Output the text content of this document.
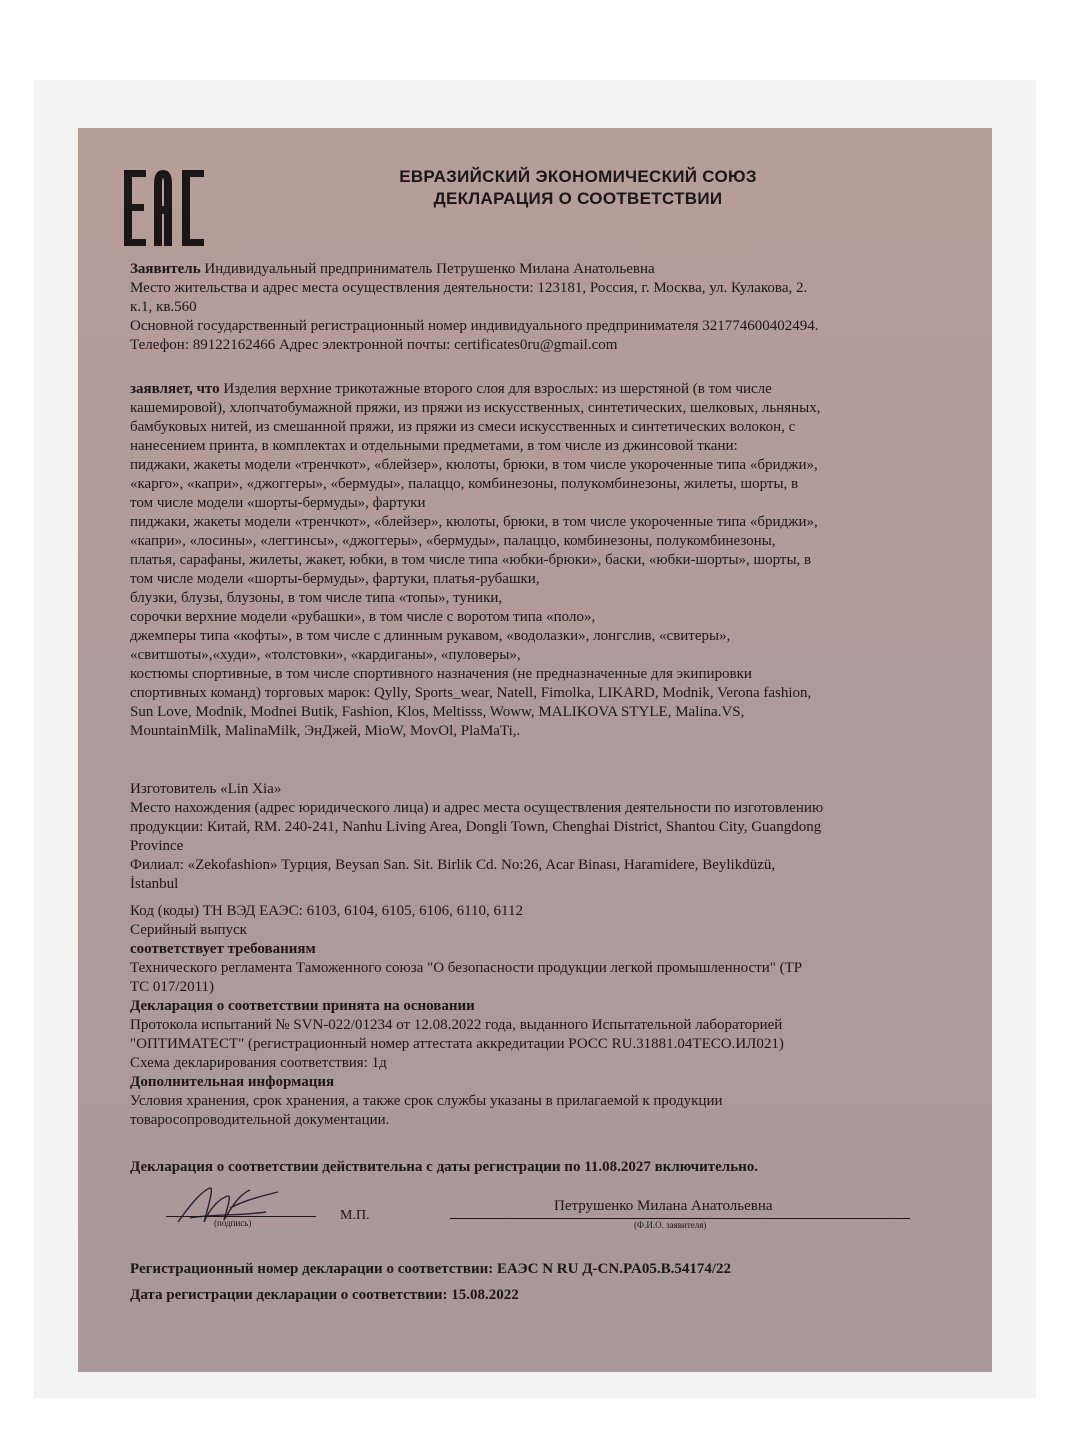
ЕВРАЗИЙСКИЙ ЭКОНОМИЧЕСКИЙ СОЮЗ
ДЕКЛАРАЦИЯ О СООТВЕТСТВИИ
Заявитель Индивидуальный предприниматель Петрушенко Милана Анатольевна
Место жительства и адрес места осуществления деятельности: 123181, Россия, г. Москва, ул. Кулакова, 2.
к.1, кв.560
Основной государственный регистрационный номер индивидуального предпринимателя 321774600402494.
Телефон: 89122162466 Адрес электронной почты: certificates0ru@gmail.com
заявляет, что Изделия верхние трикотажные второго слоя для взрослых: из шерстяной (в том числе
кашемировой), хлопчатобумажной пряжи, из пряжи из искусственных, синтетических, шелковых, льняных,
бамбуковых нитей, из смешанной пряжи, из пряжи из смеси искусственных и синтетических волокон, с
нанесением принта, в комплектах и отдельными предметами, в том числе из джинсовой ткани:
пиджаки, жакеты модели «тренчкот», «блейзер», кюлоты, брюки, в том числе укороченные типа «бриджи»,
«карго», «капри», «джоггеры», «бермуды», палаццо, комбинезоны, полукомбинезоны, жилеты, шорты, в
том числе модели «шорты-бермуды», фартуки
пиджаки, жакеты модели «тренчкот», «блейзер», кюлоты, брюки, в том числе укороченные типа «бриджи»,
«капри», «лосины», «леггинсы», «джоггеры», «бермуды», палаццо, комбинезоны, полукомбинезоны,
платья, сарафаны, жилеты, жакет, юбки, в том числе типа «юбки-брюки», баски, «юбки-шорты», шорты, в
том числе модели «шорты-бермуды», фартуки, платья-рубашки,
блузки, блузы, блузоны, в том числе типа «топы», туники,
сорочки верхние модели «рубашки», в том числе с воротом типа «поло»,
джемперы типа «кофты», в том числе с длинным рукавом, «водолазки», лонгслив, «свитеры»,
«свитшоты»,«худи», «толстовки», «кардиганы», «пуловеры»,
костюмы спортивные, в том числе спортивного назначения (не предназначенные для экипировки
спортивных команд) торговых марок: Qylly, Sports_wear, Natell, Fimolka, LIKARD, Modnik, Verona fashion,
Sun Love, Modnik, Modnei Butik, Fashion, Klos, Meltisss, Woww, MALIKOVA STYLE, Malina.VS,
MountainMilk, MalinaMilk, ЭнДжей, MioW, MovOl, PlaMaTi,.
Изготовитель «Lin Xia»
Место нахождения (адрес юридического лица) и адрес места осуществления деятельности по изготовлению
продукции: Китай, RM. 240-241, Nanhu Living Area, Dongli Town, Chenghai District, Shantou City, Guangdong
Province
Филиал: «Zekofashion» Турция, Beysan San. Sit. Birlik Cd. No:26, Acar Binası, Haramidere, Beylikdüzü,
İstanbul
Код (коды) ТН ВЭД ЕАЭС: 6103, 6104, 6105, 6106, 6110, 6112
Серийный выпуск
соответствует требованиям
Технического регламента Таможенного союза "О безопасности продукции легкой промышленности" (ТР
ТС 017/2011)
Декларация о соответствии принята на основании
Протокола испытаний № SVN-022/01234 от 12.08.2022 года, выданного Испытательной лабораторией
"ОПТИМАТЕСТ" (регистрационный номер аттестата аккредитации РОСС RU.31881.04ТЕСО.ИЛ021)
Схема декларирования соответствия: 1д
Дополнительная информация
Условия хранения, срок хранения, а также срок службы указаны в прилагаемой к продукции
товаросопроводительной документации.
Декларация о соответствии действительна с даты регистрации по 11.08.2027 включительно.
(подпись)	М.П.
Петрушенко Милана Анатольевна
(Ф.И.О. заявителя)
Регистрационный номер декларации о соответствии: ЕАЭС N RU Д-CN.PA05.B.54174/22
Дата регистрации декларации о соответствии: 15.08.2022
